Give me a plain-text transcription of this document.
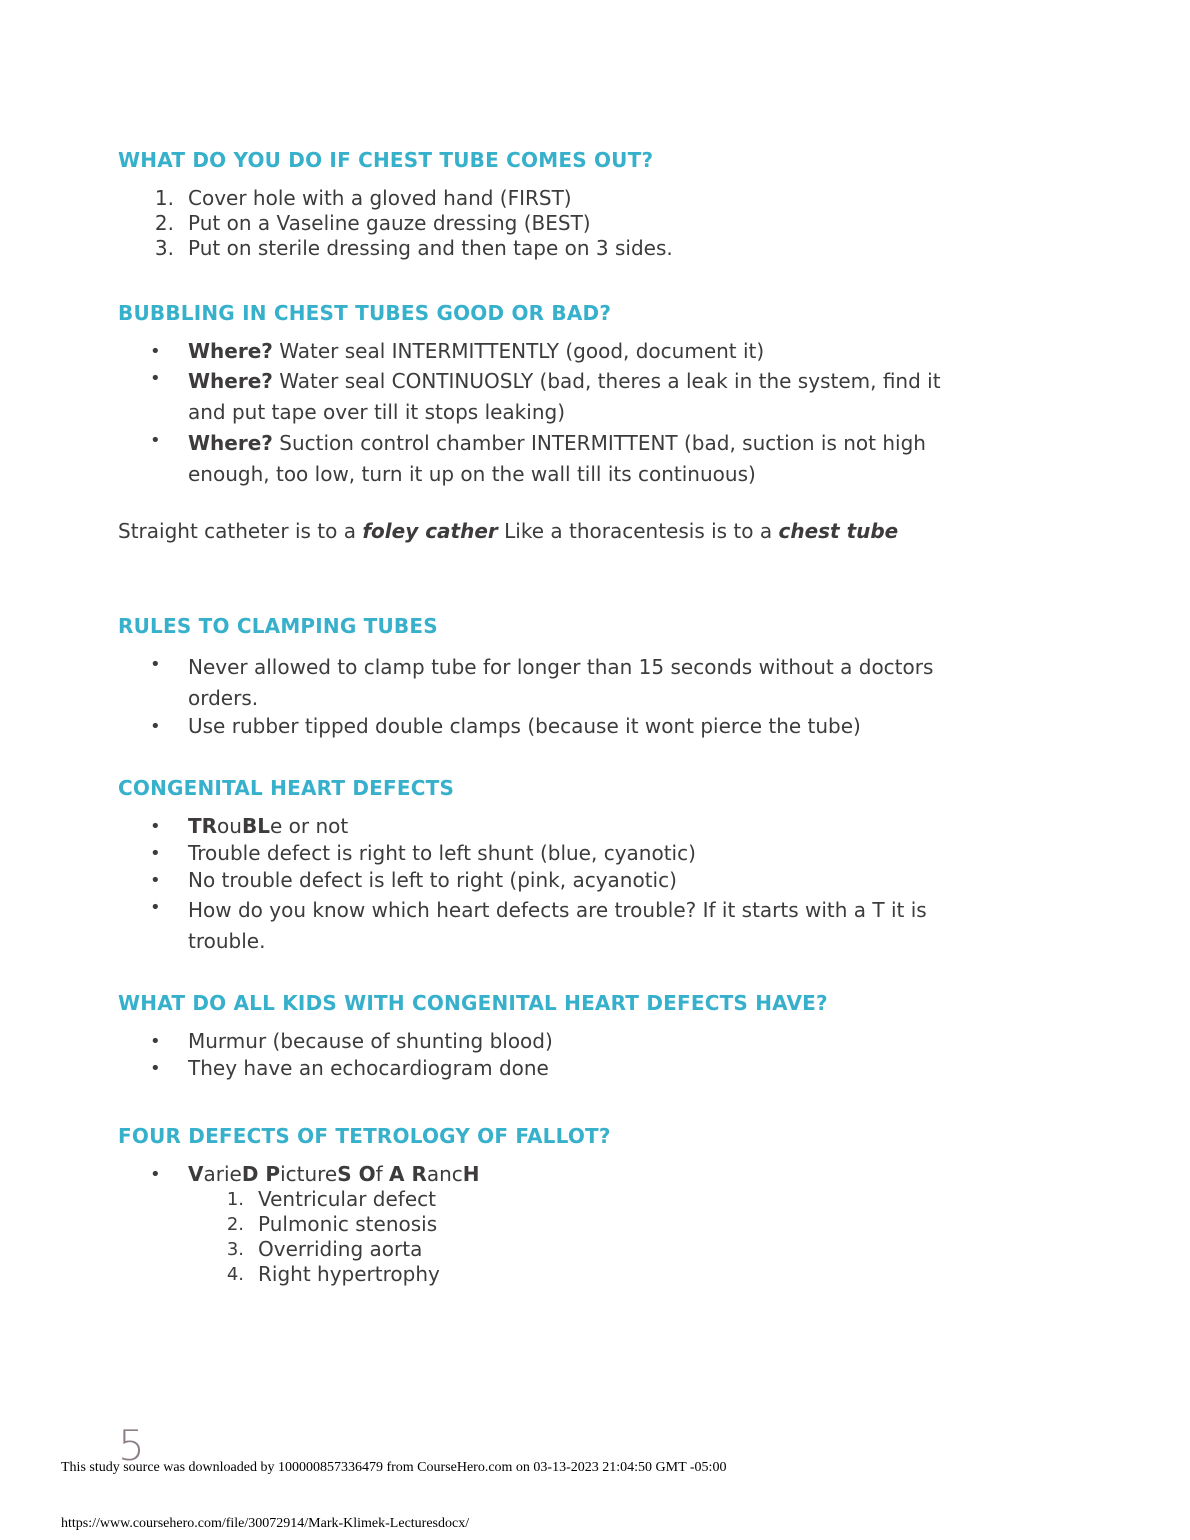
WHAT DO YOU DO IF CHEST TUBE COMES OUT?
1. Cover hole with a gloved hand (FIRST)
2. Put on a Vaseline gauze dressing (BEST)
3. Put on sterile dressing and then tape on 3 sides.
BUBBLING IN CHEST TUBES GOOD OR BAD?
• Where? Water seal INTERMITTENTLY (good, document it)
• Where? Water seal CONTINUOSLY (bad, theres a leak in the system, find it and put tape over till it stops leaking)
• Where? Suction control chamber INTERMITTENT (bad, suction is not high enough, too low, turn it up on the wall till its continuous)

Straight catheter is to a foley cather Like a thoracentesis is to a chest tube

RULES TO CLAMPING TUBES
• Never allowed to clamp tube for longer than 15 seconds without a doctors orders.
• Use rubber tipped double clamps (because it wont pierce the tube)
CONGENITAL HEART DEFECTS
• TRouBLe or not
• Trouble defect is right to left shunt (blue, cyanotic)
• No trouble defect is left to right (pink, acyanotic)
• How do you know which heart defects are trouble? If it starts with a T it is trouble.
WHAT DO ALL KIDS WITH CONGENITAL HEART DEFECTS HAVE?
• Murmur (because of shunting blood)
• They have an echocardiogram done
FOUR DEFECTS OF TETROLOGY OF FALLOT?
• VarieD PictureS Of A RancH
1. Ventricular defect
2. Pulmonic stenosis
3. Overriding aorta
4. Right hypertrophy
5
This study source was downloaded by 100000857336479 from CourseHero.com on 03-13-2023 21:04:50 GMT -05:00
https://www.coursehero.com/file/30072914/Mark-Klimek-Lecturesdocx/
